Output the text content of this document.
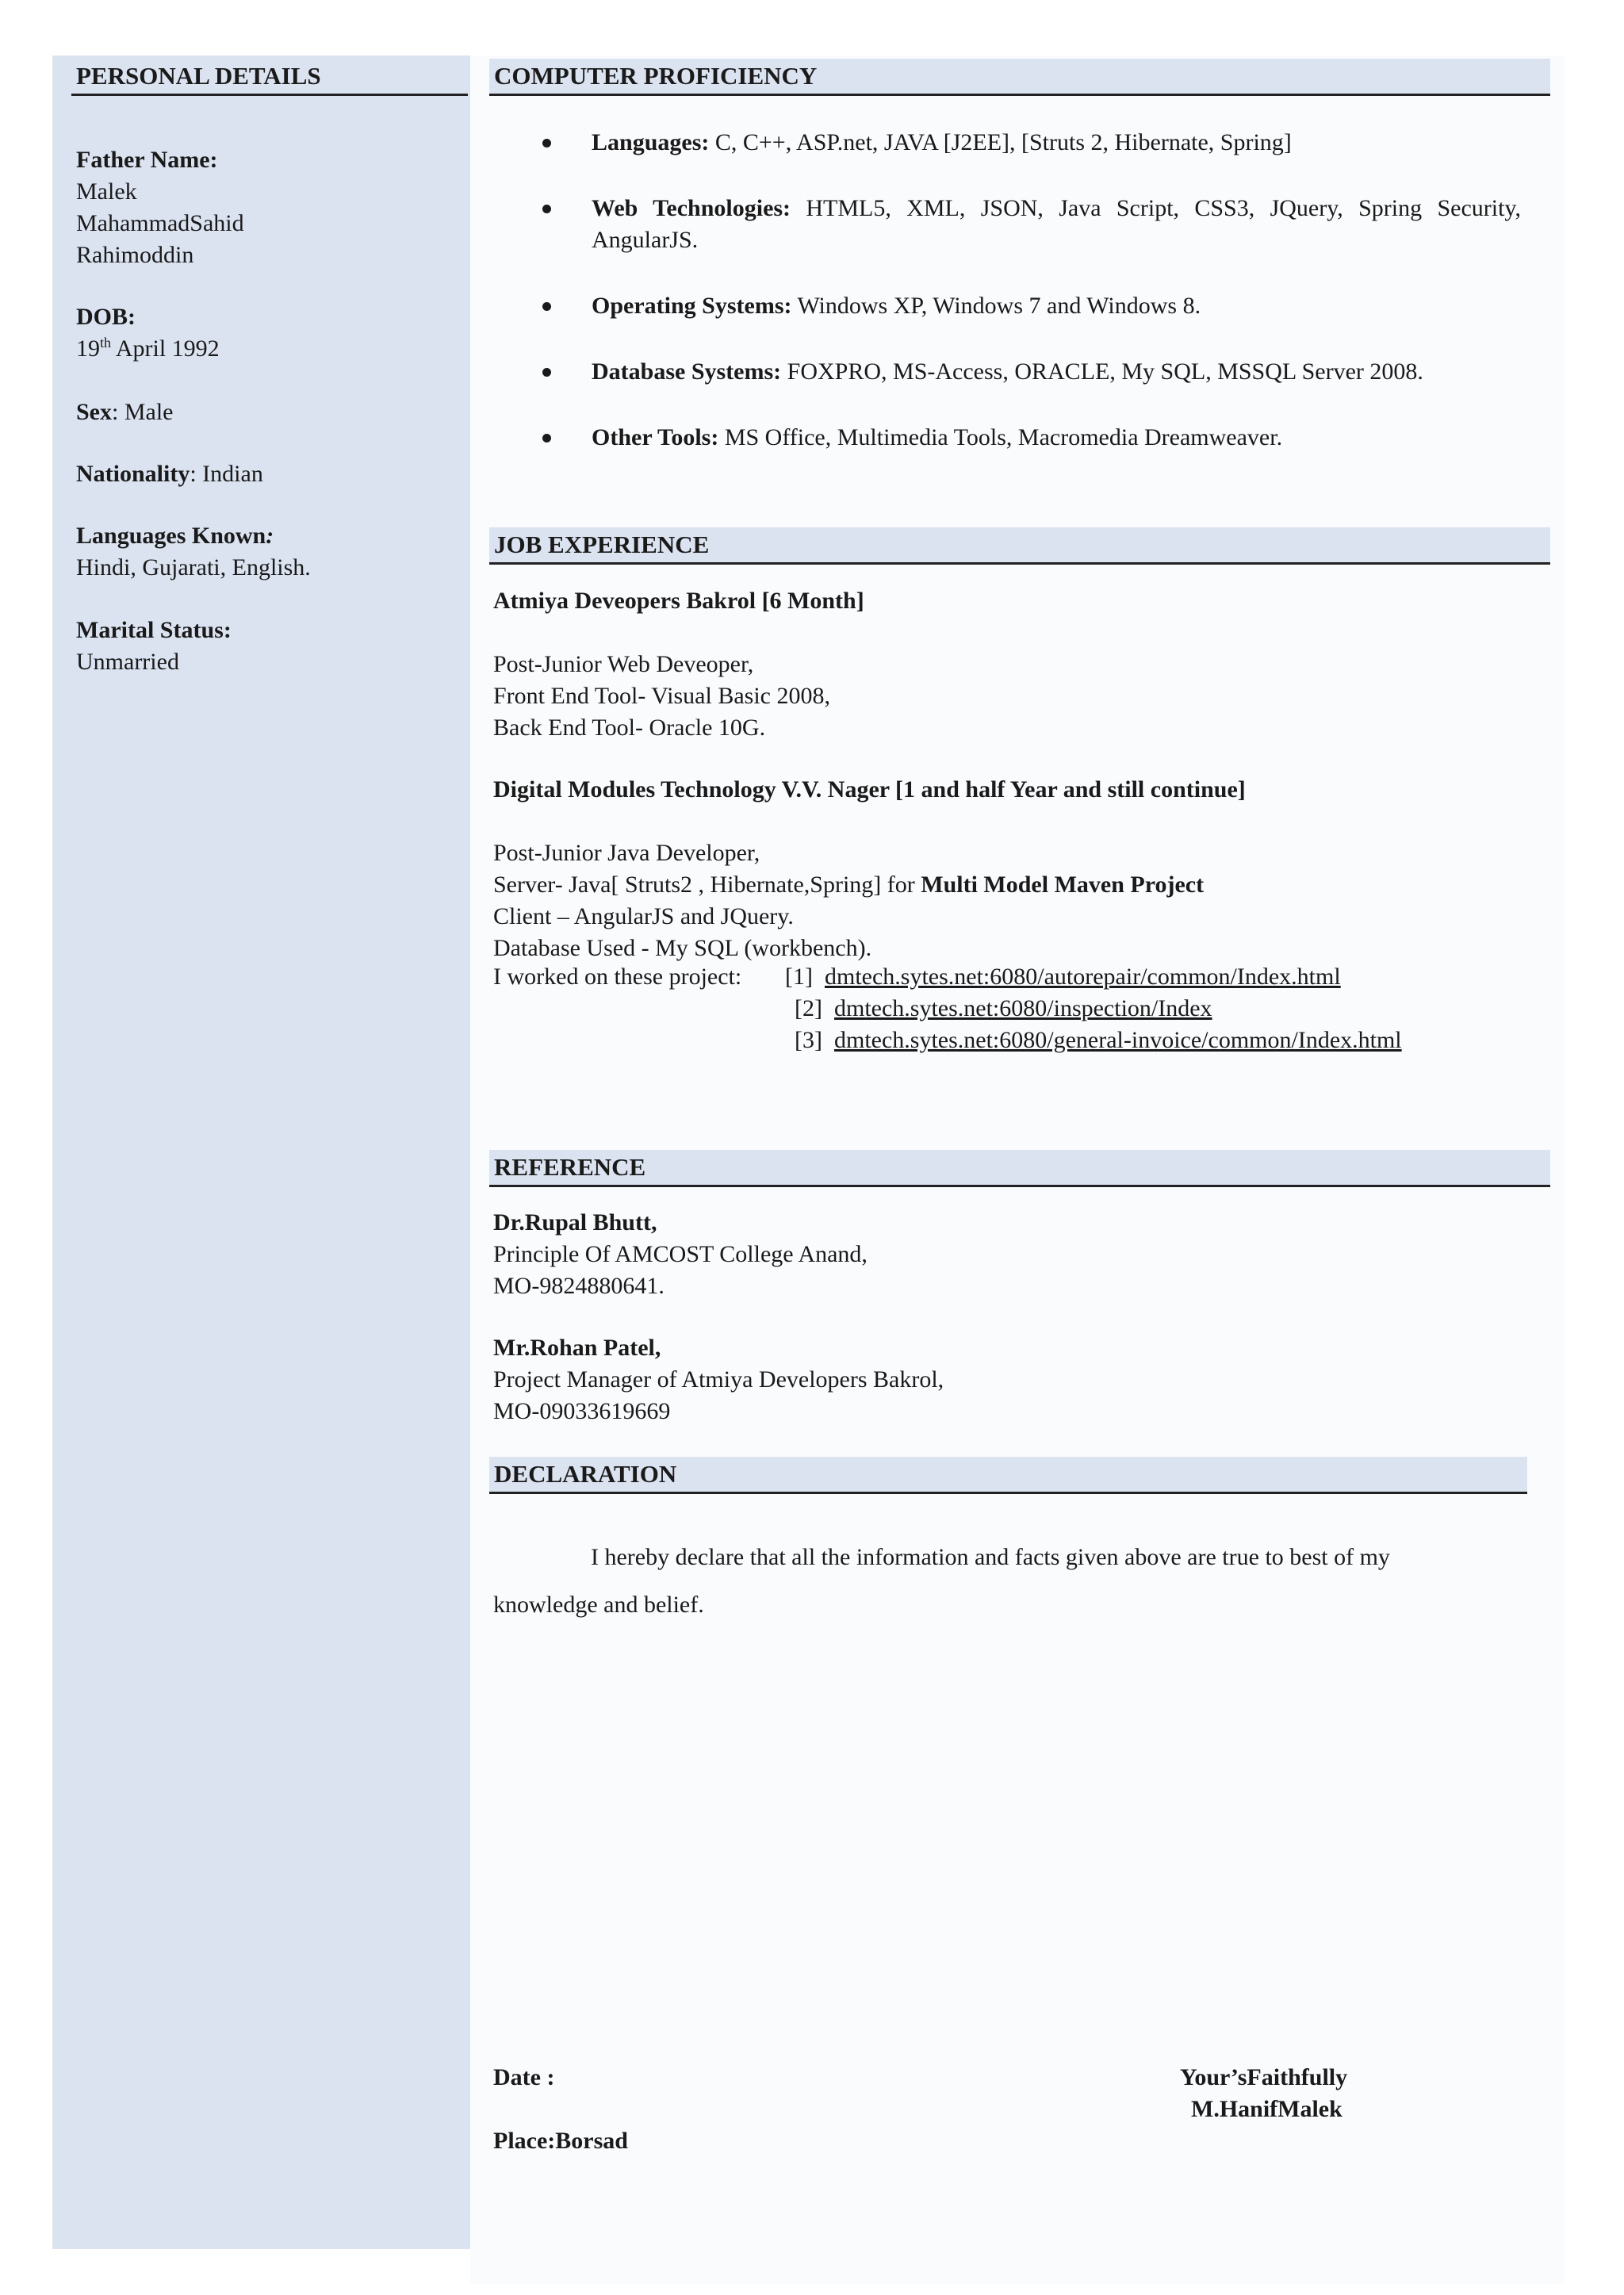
PERSONAL DETAILS
Father Name:
Malek
MahammadSahid
Rahimoddin
DOB:
19th April 1992
Sex: Male
Nationality: Indian
Languages Known:
Hindi, Gujarati, English.
Marital Status:
Unmarried
COMPUTER PROFICIENCY
Languages: C, C++, ASP.net, JAVA [J2EE], [Struts 2, Hibernate, Spring]
Web Technologies: HTML5, XML, JSON, Java Script, CSS3, JQuery, Spring Security, AngularJS.
Operating Systems: Windows XP, Windows 7 and Windows 8.
Database Systems: FOXPRO, MS-Access, ORACLE, My SQL, MSSQL Server 2008.
Other Tools: MS Office, Multimedia Tools, Macromedia Dreamweaver.
JOB EXPERIENCE
Atmiya Deveopers Bakrol [6 Month]
Post-Junior Web Deveoper,
Front End Tool- Visual Basic 2008,
Back End Tool- Oracle 10G.
Digital Modules Technology V.V. Nager [1 and half Year and still continue]
Post-Junior Java Developer,
Server- Java[ Struts2 , Hibernate,Spring] for Multi Model Maven Project
Client – AngularJS and JQuery.
Database Used - My SQL (workbench).
I worked on these project: [1] dmtech.sytes.net:6080/autorepair/common/Index.html
[2] dmtech.sytes.net:6080/inspection/Index
[3] dmtech.sytes.net:6080/general-invoice/common/Index.html
REFERENCE
Dr.Rupal Bhutt,
Principle Of AMCOST College Anand,
MO-9824880641.
Mr.Rohan Patel,
Project Manager of Atmiya Developers Bakrol,
MO-09033619669
DECLARATION
I hereby declare that all the information and facts given above are true to best of my
knowledge and belief.
Date :
Place:Borsad
Your’sFaithfully
M.HanifMalek
